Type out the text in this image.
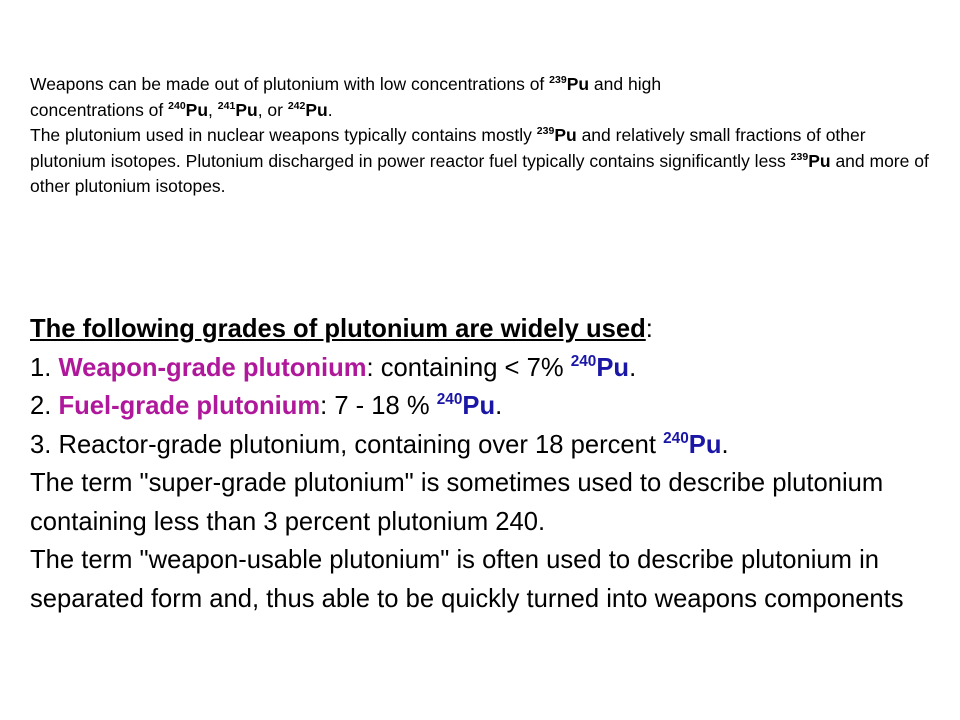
Weapons can be made out of plutonium with low concentrations of $^{239}$Pu and high
concentrations of $^{240}$Pu, $^{241}$Pu, or $^{242}$Pu.

The plutonium used in nuclear weapons typically contains mostly $^{239}$Pu and relatively small fractions of other plutonium isotopes. Plutonium discharged in power reactor fuel typically contains significantly less $^{239}$Pu and more of other plutonium isotopes.

The following grades of plutonium are widely used:

1. Weapon-grade plutonium: containing < 7% $^{240}$Pu.

2. Fuel-grade plutonium: 7 - 18 % $^{240}$Pu.

3. Reactor-grade plutonium, containing over 18 percent $^{240}$Pu.

The term "super-grade plutonium" is sometimes used to describe plutonium containing less than 3 percent plutonium 240.

The term "weapon-usable plutonium" is often used to describe plutonium in separated form and, thus able to be quickly turned into weapons components
